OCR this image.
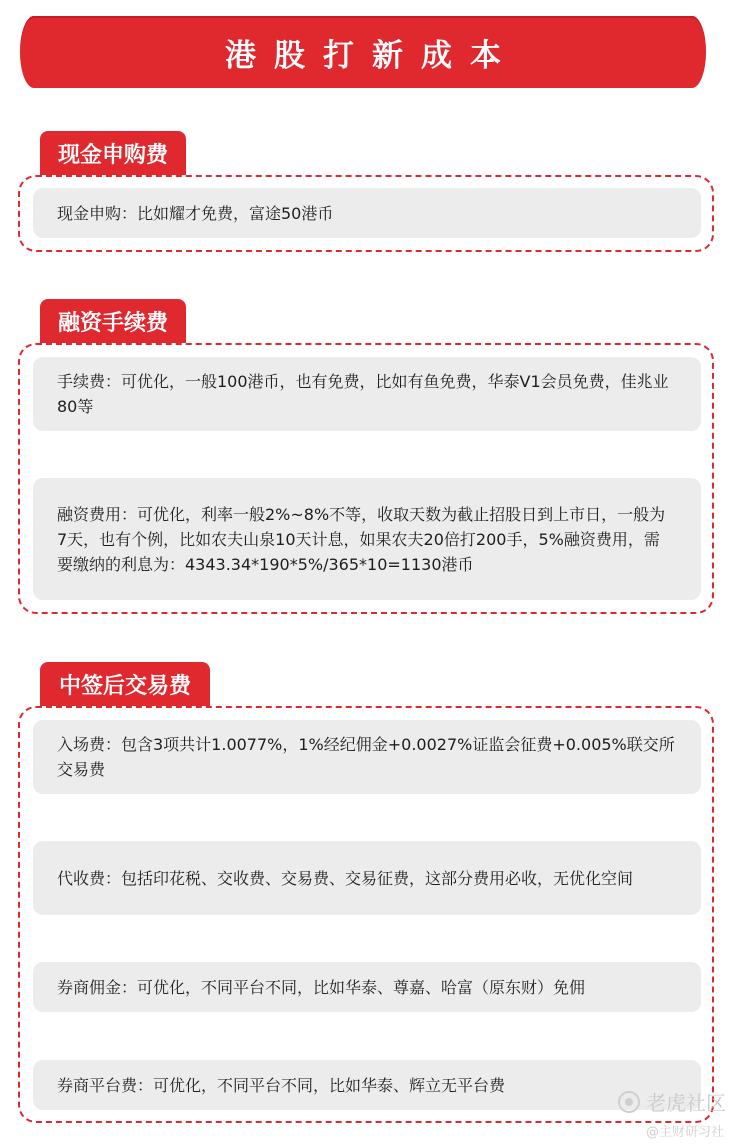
港股打新成本
现金申购费
现金申购：比如耀才免费，富途50港币
融资手续费
手续费：可优化，一般100港币，也有免费，比如有鱼免费，华泰V1会员免费，佳兆业80等
融资费用：可优化，利率一般2%~8%不等，收取天数为截止招股日到上市日，一般为7天，也有个例，比如农夫山泉10天计息，如果农夫20倍打200手，5%融资费用，需要缴纳的利息为：4343.34*190*5%/365*10=1130港币
中签后交易费
入场费：包含3项共计1.0077%，1%经纪佣金+0.0027%证监会征费+0.005%联交所交易费
代收费：包括印花税、交收费、交易费、交易征费，这部分费用必收，无优化空间
券商佣金：可优化，不同平台不同，比如华泰、尊嘉、哈富（原东财）免佣
券商平台费：可优化，不同平台不同，比如华泰、辉立无平台费
老虎社区
@主财研习社
